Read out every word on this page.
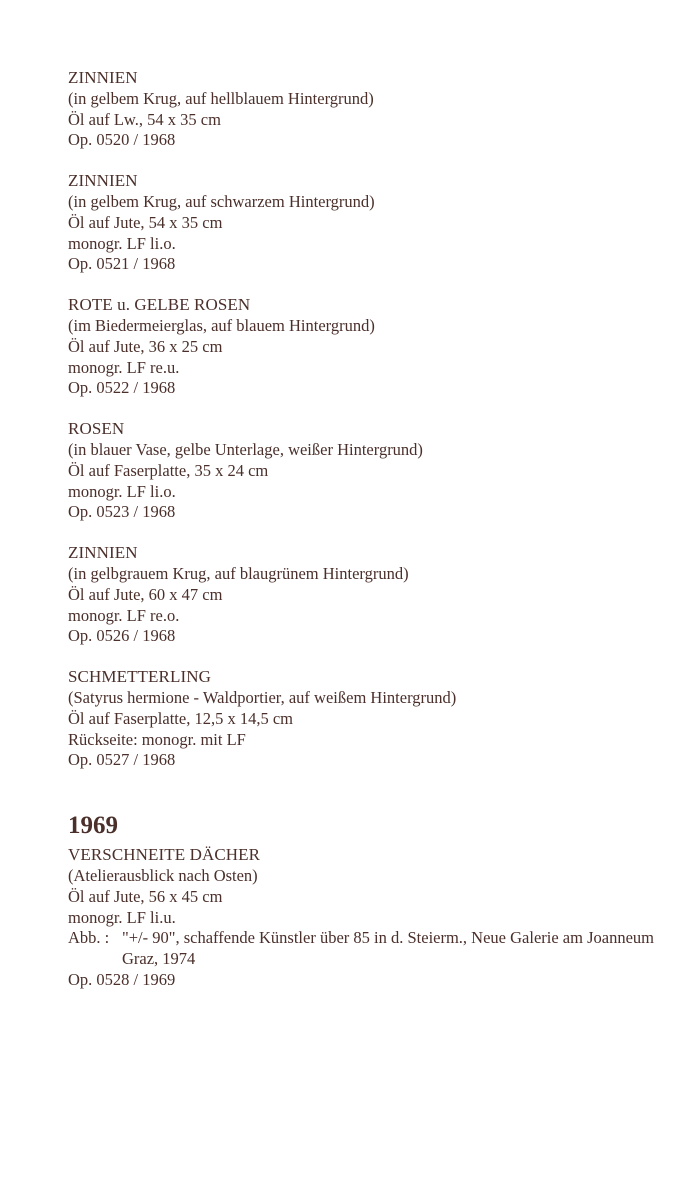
ZINNIEN
(in gelbem Krug, auf hellblauem Hintergrund)
Öl auf Lw., 54 x 35 cm
Op. 0520 / 1968
ZINNIEN
(in gelbem Krug, auf schwarzem Hintergrund)
Öl auf Jute, 54 x 35 cm
monogr. LF li.o.
Op. 0521 / 1968
ROTE u. GELBE ROSEN
(im Biedermeierglas, auf blauem Hintergrund)
Öl auf Jute, 36 x 25 cm
monogr. LF re.u.
Op. 0522 / 1968
ROSEN
(in blauer Vase, gelbe Unterlage, weißer Hintergrund)
Öl auf Faserplatte, 35 x 24 cm
monogr. LF li.o.
Op. 0523 / 1968
ZINNIEN
(in gelbgrauem Krug, auf blaugrünem Hintergrund)
Öl auf Jute, 60 x 47 cm
monogr. LF re.o.
Op. 0526 / 1968
SCHMETTERLING
(Satyrus hermione - Waldportier, auf weißem Hintergrund)
Öl auf Faserplatte, 12,5 x 14,5 cm
Rückseite: monogr. mit LF
Op. 0527 / 1968
1969
VERSCHNEITE DÄCHER
(Atelierausblick nach Osten)
Öl auf Jute, 56 x 45 cm
monogr. LF li.u.
Abb. : "+/- 90", schaffende Künstler über 85 in d. Steierm., Neue Galerie am Joanneum Graz, 1974
Op. 0528 / 1969
